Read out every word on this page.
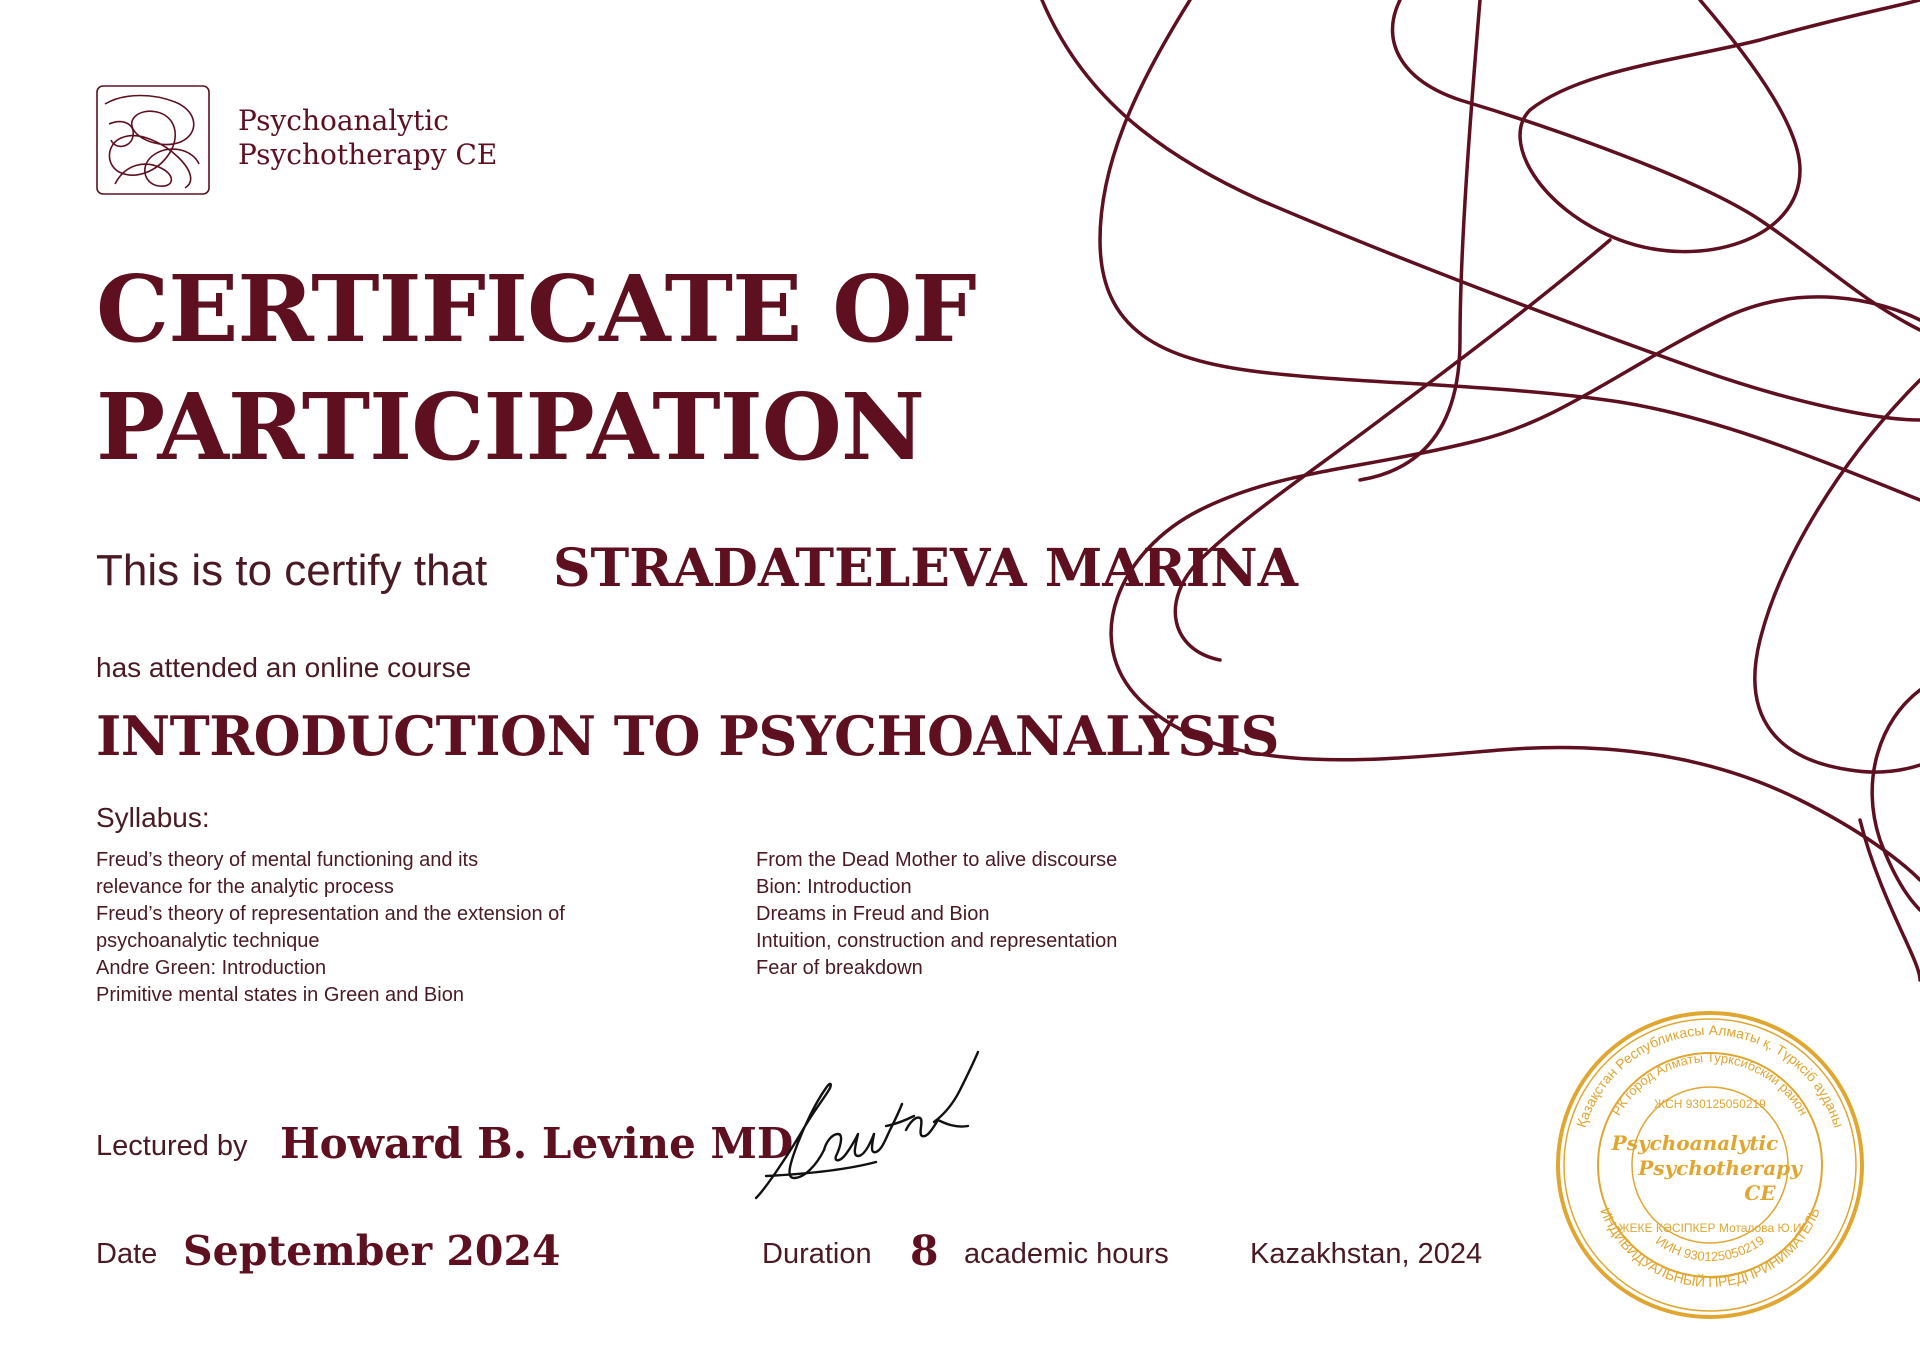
Psychoanalytic
Psychotherapy CE
CERTIFICATE OF
PARTICIPATION
This is to certify that STRADATELEVA MARINA
has attended an online course
INTRODUCTION TO PSYCHOANALYSIS
Syllabus:
Freud’s theory of mental functioning and its
relevance for the analytic process
Freud’s theory of representation and the extension of
psychoanalytic technique
Andre Green: Introduction
Primitive mental states in Green and Bion
From the Dead Mother to alive discourse
Bion: Introduction
Dreams in Freud and Bion
Intuition, construction and representation
Fear of breakdown
Lectured by Howard B. Levine MD
Date September 2024	Duration 8 academic hours	Kazakhstan, 2024
Қазақстан Республикасы Алматы қ. Түрксіб ауданы
РК город Алматы Турксибский район
ИИН 930125050219
ИНДИВИДУАЛЬНЫЙ ПРЕДПРИНИМАТЕЛЬ
ЖСН 930125050219
ЖЕКЕ КӘСІПКЕР Моталова Ю.И
Psychoanalytic
Psychotherapy
CE
